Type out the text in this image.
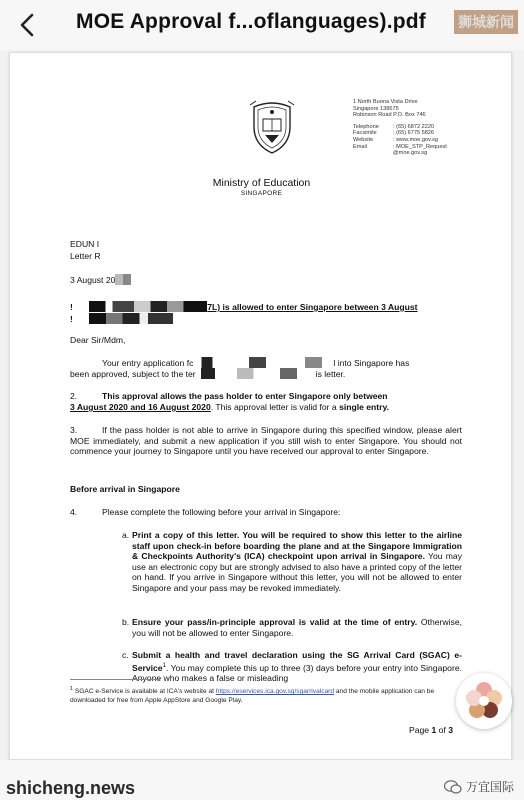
MOE Approval f...oflanguages).pdf 狮城新闻
1 North Buona Vista Drive
Singapore 138675
Robinson Road P.O. Box 746
Telephone	: (65) 6872 2220
Facsimile	: (65) 6775 5826
Website	: www.moe.gov.sg
Email	: MOE_STP_Request
@moe.gov.sg
Ministry of Education
SINGAPORE
EDUN I
Letter R
3 August 20
!	7L) is allowed to enter Singapore between 3 August
!
Dear Sir/Mdm,
Your entry application fc	l into Singapore has
been approved, subject to the ter	is letter.
2.	This approval allows the pass holder to enter Singapore only between
3 August 2020 and 16 August 2020. This approval letter is valid for a single entry.
3.	If the pass holder is not able to arrive in Singapore during this specified window, please alert MOE immediately, and submit a new application if you still wish to enter Singapore. You should not commence your journey to Singapore until you have received our approval to enter Singapore.
Before arrival in Singapore
4.	Please complete the following before your arrival in Singapore:
a. Print a copy of this letter. You will be required to show this letter to the airline staff upon check-in before boarding the plane and at the Singapore Immigration & Checkpoints Authority's (ICA) checkpoint upon arrival in Singapore. You may use an electronic copy but are strongly advised to also have a printed copy of the letter on hand. If you arrive in Singapore without this letter, you will not be allowed to enter Singapore and your pass may be revoked immediately.
b. Ensure your pass/in-principle approval is valid at the time of entry. Otherwise, you will not be allowed to enter Singapore.
c. Submit a health and travel declaration using the SG Arrival Card (SGAC) e-Service$^1$. You may complete this up to three (3) days before your entry into Singapore. Anyone who makes a false or misleading
$^1$ SGAC e-Service is available at ICA's website at https://eservices.ica.gov.sg/sgarrivalcard and the mobile application can be downloaded for free from Apple AppStore and Google Play.
Page 1 of 3
shicheng.news	万宜国际
